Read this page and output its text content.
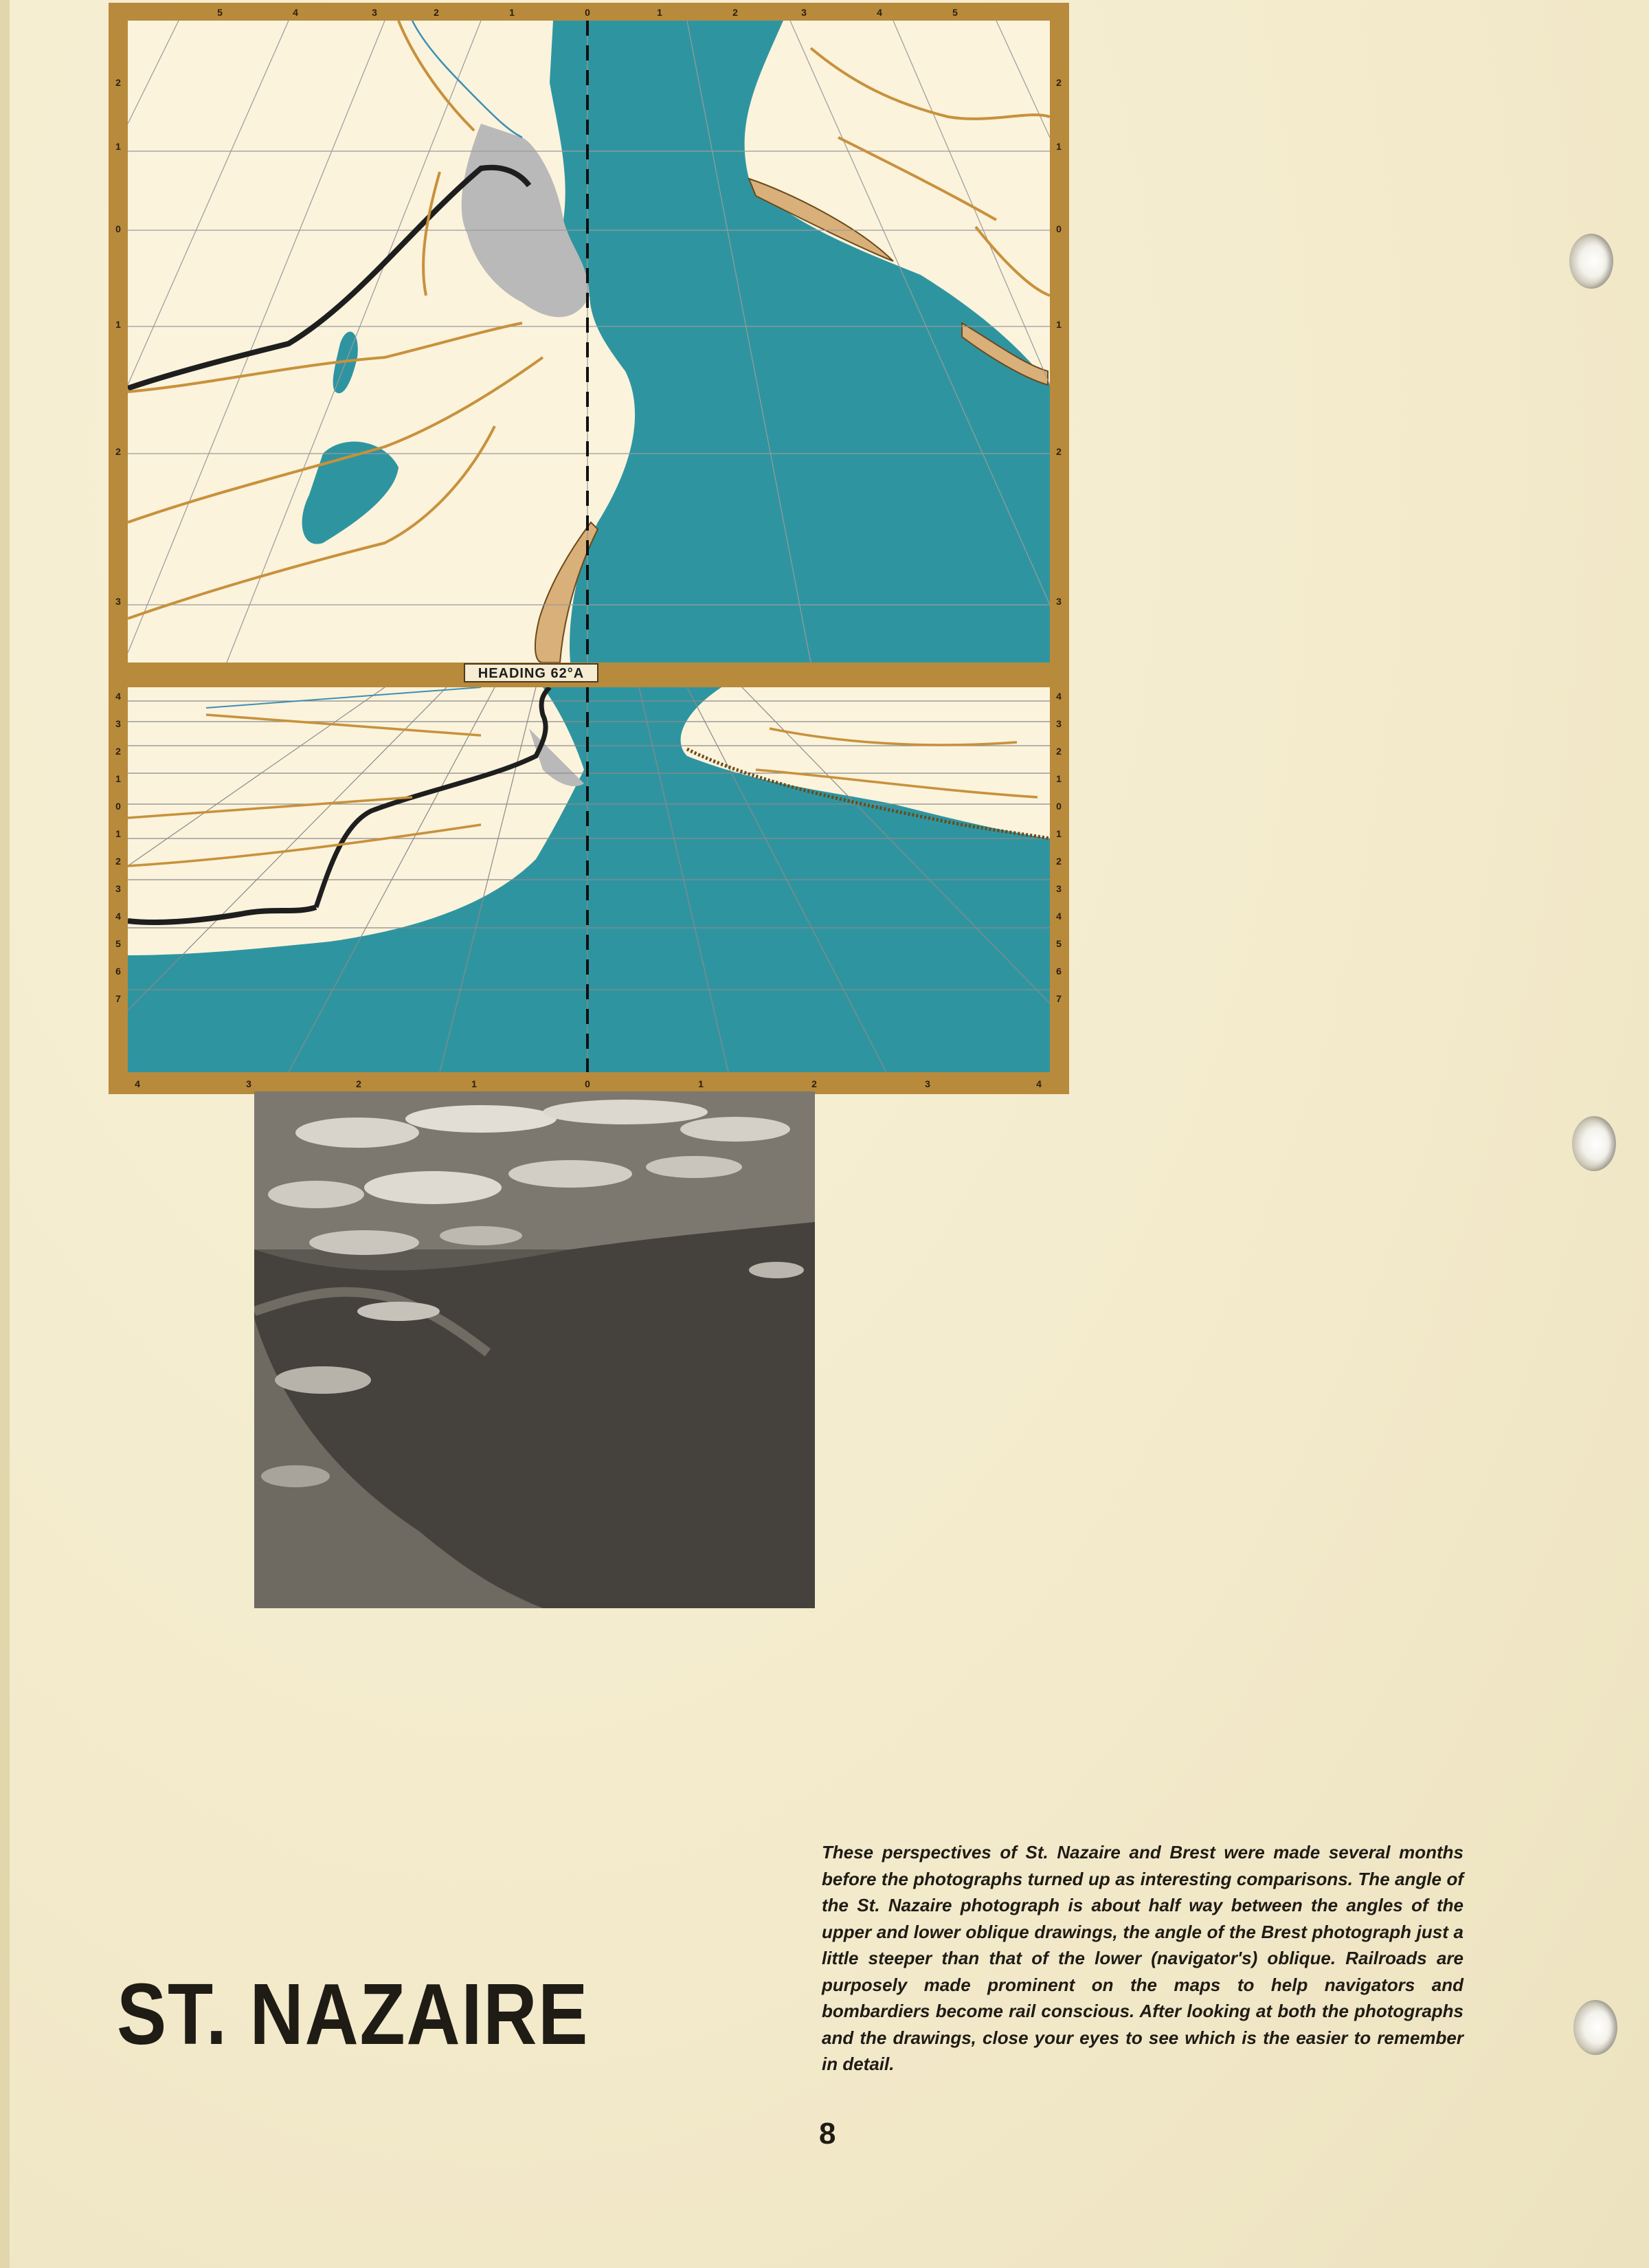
HEADING 62°A
5	4	3	2	1	0	1	2	3	4	5
2	2
1	1
0	0
1	1
2	2
3	3
4	4
3	3
2	2
1	1
0	0
1	1
2	2
3	3
4	4
5	5
6	6
7	7
4	3	2	1	0	1	2	3	4
ST. NAZAIRE

These perspectives of St. Nazaire and Brest were made several months before the photographs turned up as interesting comparisons. The angle of the St. Nazaire photograph is about half way between the angles of the upper and lower oblique drawings, the angle of the Brest photograph just a little steeper than that of the lower (navigator's) oblique. Railroads are purposely made prominent on the maps to help navigators and bombardiers become rail conscious. After looking at both the photographs and the drawings, close your eyes to see which is the easier to remember in detail.

8
